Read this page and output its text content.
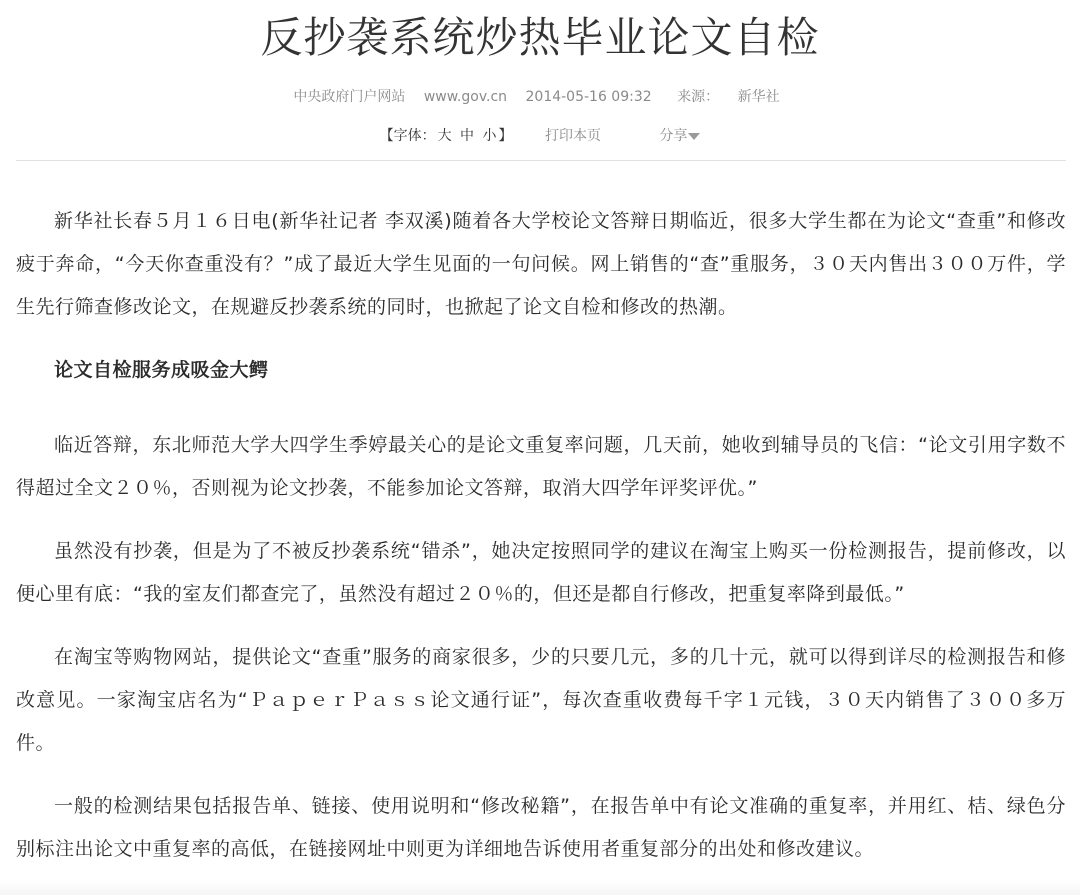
反抄袭系统炒热毕业论文自检
中央政府门户网站 www.gov.cn 2014-05-16 09:32 来源： 新华社
【字体： 大 中 小 】 打印本页	分享

新华社长春５月１６日电(新华社记者 李双溪)随着各大学校论文答辩日期临近，很多大学生都在为论文“查重”和修改疲于奔命，“今天你查重没有？”成了最近大学生见面的一句问候。网上销售的“查”重服务，３０天内售出３００万件，学生先行筛查修改论文，在规避反抄袭系统的同时，也掀起了论文自检和修改的热潮。

论文自检服务成吸金大鳄

临近答辩，东北师范大学大四学生季婷最关心的是论文重复率问题，几天前，她收到辅导员的飞信：“论文引用字数不得超过全文２０％，否则视为论文抄袭，不能参加论文答辩，取消大四学年评奖评优。”

虽然没有抄袭，但是为了不被反抄袭系统“错杀”，她决定按照同学的建议在淘宝上购买一份检测报告，提前修改，以便心里有底：“我的室友们都查完了，虽然没有超过２０％的，但还是都自行修改，把重复率降到最低。”

在淘宝等购物网站，提供论文“查重”服务的商家很多，少的只要几元，多的几十元，就可以得到详尽的检测报告和修改意见。一家淘宝店名为“ＰａｐｅｒＰａｓｓ论文通行证”，每次查重收费每千字１元钱，３０天内销售了３００多万件。

一般的检测结果包括报告单、链接、使用说明和“修改秘籍”，在报告单中有论文准确的重复率，并用红、桔、绿色分别标注出论文中重复率的高低，在链接网址中则更为详细地告诉使用者重复部分的出处和修改建议。
